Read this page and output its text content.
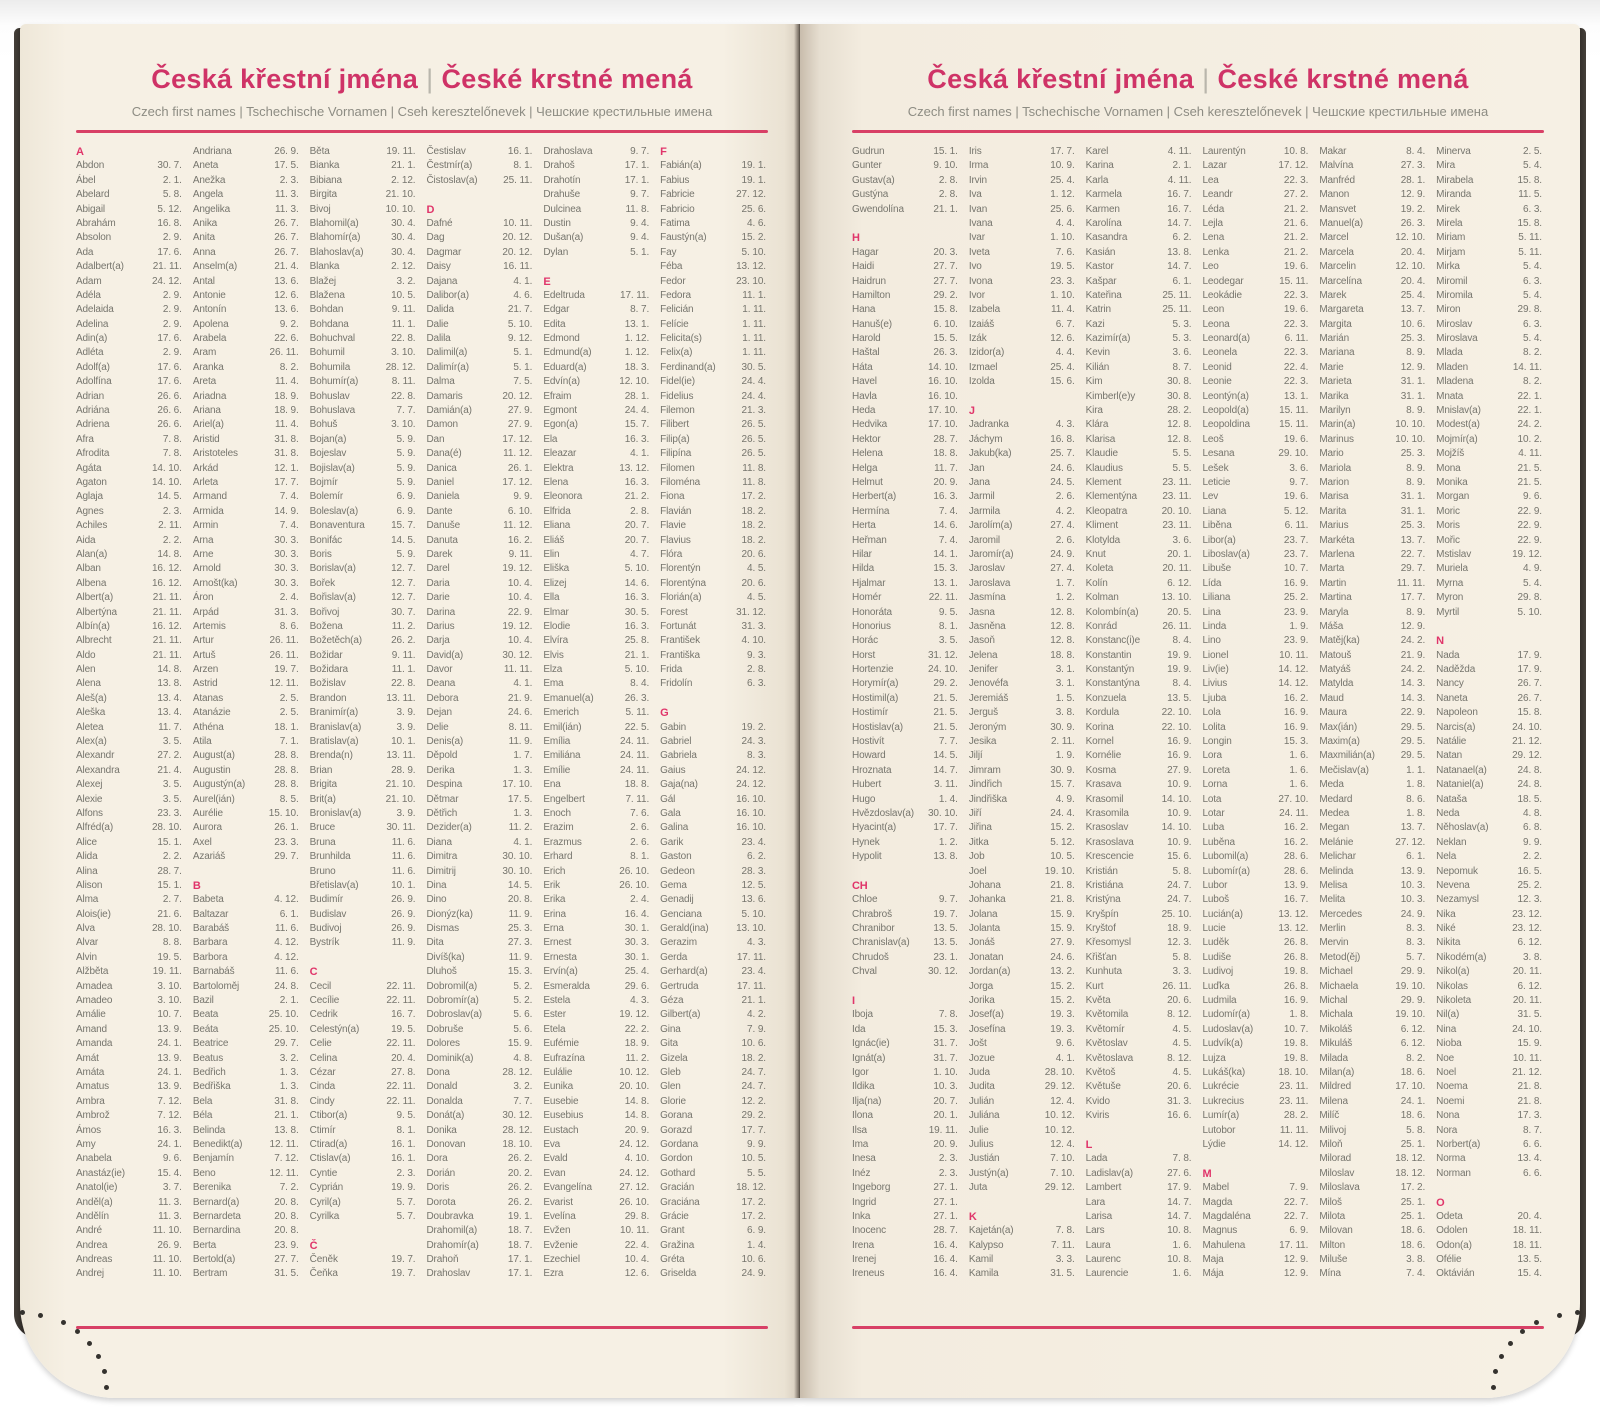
Česká křestní jména | České krstné mená
Czech first names | Tschechische Vornamen | Cseh keresztelőnevek | Чешские крестильные имена
A
Abdon	30. 7.
Ábel	2. 1.
Abelard	5. 8.
Abigail	5. 12.
Abrahám	16. 8.
Absolon	2. 9.
Ada	17. 6.
Adalbert(a)	21. 11.
Adam	24. 12.
Adéla	2. 9.
Adelaida	2. 9.
Adelina	2. 9.
Adin(a)	17. 6.
Adléta	2. 9.
Adolf(a)	17. 6.
Adolfína	17. 6.
Adrian	26. 6.
Adriána	26. 6.
Adriena	26. 6.
Afra	7. 8.
Afrodita	7. 8.
Agáta	14. 10.
Agaton	14. 10.
Aglaja	14. 5.
Agnes	2. 3.
Achiles	2. 11.
Aida	2. 2.
Alan(a)	14. 8.
Alban	16. 12.
Albena	16. 12.
Albert(a)	21. 11.
Albertýna	21. 11.
Albín(a)	16. 12.
Albrecht	21. 11.
Aldo	21. 11.
Alen	14. 8.
Alena	13. 8.
Aleš(a)	13. 4.
Aleška	13. 4.
Aletea	11. 7.
Alex(a)	3. 5.
Alexandr	27. 2.
Alexandra	21. 4.
Alexej	3. 5.
Alexie	3. 5.
Alfons	23. 3.
Alfréd(a)	28. 10.
Alice	15. 1.
Alida	2. 2.
Alina	28. 7.
Alison	15. 1.
Alma	2. 7.
Alois(ie)	21. 6.
Alva	28. 10.
Alvar	8. 8.
Alvin	19. 5.
Alžběta	19. 11.
Amadea	3. 10.
Amadeo	3. 10.
Amálie	10. 7.
Amand	13. 9.
Amanda	24. 1.
Amát	13. 9.
Amáta	24. 1.
Amatus	13. 9.
Ambra	7. 12.
Ambrož	7. 12.
Ámos	16. 3.
Amy	24. 1.
Anabela	9. 6.
Anastáz(ie)	15. 4.
Anatol(ie)	3. 7.
Anděl(a)	11. 3.
Andělín	11. 3.
André	11. 10.
Andrea	26. 9.
Andreas	11. 10.
Andrej	11. 10.
Andriana	26. 9.
Aneta	17. 5.
Anežka	2. 3.
Angela	11. 3.
Angelika	11. 3.
Anika	26. 7.
Anita	26. 7.
Anna	26. 7.
Anselm(a)	21. 4.
Antal	13. 6.
Antonie	12. 6.
Antonín	13. 6.
Apolena	9. 2.
Arabela	22. 6.
Aram	26. 11.
Aranka	8. 2.
Areta	11. 4.
Ariadna	18. 9.
Ariana	18. 9.
Ariel(a)	11. 4.
Aristid	31. 8.
Aristoteles	31. 8.
Arkád	12. 1.
Arleta	17. 7.
Armand	7. 4.
Armida	14. 9.
Armin	7. 4.
Arna	30. 3.
Arne	30. 3.
Arnold	30. 3.
Arnošt(ka)	30. 3.
Áron	2. 4.
Arpád	31. 3.
Artemis	8. 6.
Artur	26. 11.
Artuš	26. 11.
Arzen	19. 7.
Astrid	12. 11.
Atanas	2. 5.
Atanázie	2. 5.
Athéna	18. 1.
Atila	7. 1.
August(a)	28. 8.
Augustin	28. 8.
Augustýn(a)	28. 8.
Aurel(ián)	8. 5.
Aurélie	15. 10.
Aurora	26. 1.
Axel	23. 3.
Azariáš	29. 7.
B
Babeta	4. 12.
Baltazar	6. 1.
Barabáš	11. 6.
Barbara	4. 12.
Barbora	4. 12.
Barnabáš	11. 6.
Bartoloměj	24. 8.
Bazil	2. 1.
Beata	25. 10.
Beáta	25. 10.
Beatrice	29. 7.
Beatus	3. 2.
Bedřich	1. 3.
Bedřiška	1. 3.
Bela	31. 8.
Béla	21. 1.
Belinda	13. 8.
Benedikt(a)	12. 11.
Benjamín	7. 12.
Beno	12. 11.
Berenika	7. 2.
Bernard(a)	20. 8.
Bernardeta	20. 8.
Bernardina	20. 8.
Berta	23. 9.
Bertold(a)	27. 7.
Bertram	31. 5.
Běta	19. 11.
Bianka	21. 1.
Bibiana	2. 12.
Birgita	21. 10.
Bivoj	10. 10.
Blahomil(a)	30. 4.
Blahomír(a)	30. 4.
Blahoslav(a)	30. 4.
Blanka	2. 12.
Blažej	3. 2.
Blažena	10. 5.
Bohdan	9. 11.
Bohdana	11. 1.
Bohuchval	22. 8.
Bohumil	3. 10.
Bohumila	28. 12.
Bohumír(a)	8. 11.
Bohuslav	22. 8.
Bohuslava	7. 7.
Bohuš	3. 10.
Bojan(a)	5. 9.
Bojeslav	5. 9.
Bojislav(a)	5. 9.
Bojmír	5. 9.
Bolemír	6. 9.
Boleslav(a)	6. 9.
Bonaventura	15. 7.
Bonifác	14. 5.
Boris	5. 9.
Borislav(a)	12. 7.
Bořek	12. 7.
Bořislav(a)	12. 7.
Bořivoj	30. 7.
Božena	11. 2.
Božetěch(a)	26. 2.
Božidar	9. 11.
Božidara	11. 1.
Božislav	22. 8.
Brandon	13. 11.
Branimír(a)	3. 9.
Branislav(a)	3. 9.
Bratislav(a)	10. 1.
Brenda(n)	13. 11.
Brian	28. 9.
Brigita	21. 10.
Brit(a)	21. 10.
Bronislav(a)	3. 9.
Bruce	30. 11.
Bruna	11. 6.
Brunhilda	11. 6.
Bruno	11. 6.
Břetislav(a)	10. 1.
Budimír	26. 9.
Budislav	26. 9.
Budivoj	26. 9.
Bystrík	11. 9.
C
Cecil	22. 11.
Cecílie	22. 11.
Cedrik	16. 7.
Celestýn(a)	19. 5.
Celie	22. 11.
Celina	20. 4.
Cézar	27. 8.
Cinda	22. 11.
Cindy	22. 11.
Ctibor(a)	9. 5.
Ctimír	8. 1.
Ctirad(a)	16. 1.
Ctislav(a)	16. 1.
Cyntie	2. 3.
Cyprián	19. 9.
Cyril(a)	5. 7.
Cyrilka	5. 7.
Č
Čeněk	19. 7.
Čeňka	19. 7.
Čestislav	16. 1.
Čestmír(a)	8. 1.
Čistoslav(a)	25. 11.
D
Dafné	10. 11.
Dag	20. 12.
Dagmar	20. 12.
Daisy	16. 11.
Dajana	4. 1.
Dalibor(a)	4. 6.
Dalida	21. 7.
Dalie	5. 10.
Dalila	9. 12.
Dalimil(a)	5. 1.
Dalimír(a)	5. 1.
Dalma	7. 5.
Damaris	20. 12.
Damián(a)	27. 9.
Damon	27. 9.
Dan	17. 12.
Dana(é)	11. 12.
Danica	26. 1.
Daniel	17. 12.
Daniela	9. 9.
Dante	6. 10.
Danuše	11. 12.
Danuta	16. 2.
Darek	9. 11.
Darel	19. 12.
Daria	10. 4.
Darie	10. 4.
Darina	22. 9.
Darius	19. 12.
Darja	10. 4.
David(a)	30. 12.
Davor	11. 11.
Deana	4. 1.
Debora	21. 9.
Dejan	24. 6.
Delie	8. 11.
Denis(a)	11. 9.
Děpold	1. 7.
Derika	1. 3.
Despina	17. 10.
Dětmar	17. 5.
Dětřich	1. 3.
Dezider(a)	11. 2.
Diana	4. 1.
Dimitra	30. 10.
Dimitrij	30. 10.
Dina	14. 5.
Dino	20. 8.
Dionýz(ka)	11. 9.
Dismas	25. 3.
Dita	27. 3.
Divíš(ka)	11. 9.
Dluhoš	15. 3.
Dobromil(a)	5. 2.
Dobromír(a)	5. 2.
Dobroslav(a)	5. 6.
Dobruše	5. 6.
Dolores	15. 9.
Dominik(a)	4. 8.
Dona	28. 12.
Donald	3. 2.
Donalda	7. 7.
Donát(a)	30. 12.
Donika	28. 12.
Donovan	18. 10.
Dora	26. 2.
Dorián	20. 2.
Doris	26. 2.
Dorota	26. 2.
Doubravka	19. 1.
Drahomil(a)	18. 7.
Drahomír(a)	18. 7.
Drahoň	17. 1.
Drahoslav	17. 1.
Drahoslava	9. 7.
Drahoš	17. 1.
Drahotín	17. 1.
Drahuše	9. 7.
Dulcinea	11. 8.
Dustin	9. 4.
Dušan(a)	9. 4.
Dylan	5. 1.
E
Edeltruda	17. 11.
Edgar	8. 7.
Edita	13. 1.
Edmond	1. 12.
Edmund(a)	1. 12.
Eduard(a)	18. 3.
Edvín(a)	12. 10.
Efraim	28. 1.
Egmont	24. 4.
Egon(a)	15. 7.
Ela	16. 3.
Eleazar	4. 1.
Elektra	13. 12.
Elena	16. 3.
Eleonora	21. 2.
Elfrida	2. 8.
Eliana	20. 7.
Eliáš	20. 7.
Elin	4. 7.
Eliška	5. 10.
Elizej	14. 6.
Ella	16. 3.
Elmar	30. 5.
Elodie	16. 3.
Elvíra	25. 8.
Elvis	21. 1.
Elza	5. 10.
Ema	8. 4.
Emanuel(a)	26. 3.
Emerich	5. 11.
Emil(ián)	22. 5.
Emília	24. 11.
Emiliána	24. 11.
Emílie	24. 11.
Ena	18. 8.
Engelbert	7. 11.
Enoch	7. 6.
Erazim	2. 6.
Erazmus	2. 6.
Erhard	8. 1.
Erich	26. 10.
Erik	26. 10.
Erika	2. 4.
Erina	16. 4.
Erna	30. 1.
Ernest	30. 3.
Ernesta	30. 1.
Ervín(a)	25. 4.
Esmeralda	29. 6.
Estela	4. 3.
Ester	19. 12.
Etela	22. 2.
Eufémie	18. 9.
Eufrazína	11. 2.
Eulálie	10. 12.
Eunika	20. 10.
Eusebie	14. 8.
Eusebius	14. 8.
Eustach	20. 9.
Eva	24. 12.
Evald	4. 10.
Evan	24. 12.
Evangelína	27. 12.
Evarist	26. 10.
Evelína	29. 8.
Evžen	10. 11.
Evženie	22. 4.
Ezechiel	10. 4.
Ezra	12. 6.
F
Fabián(a)	19. 1.
Fabius	19. 1.
Fabricie	27. 12.
Fabricio	25. 6.
Fatima	4. 6.
Faustýn(a)	15. 2.
Fay	5. 10.
Féba	13. 12.
Fedor	23. 10.
Fedora	11. 1.
Felicián	1. 11.
Felície	1. 11.
Felicita(s)	1. 11.
Felix(a)	1. 11.
Ferdinand(a)	30. 5.
Fidel(ie)	24. 4.
Fidelius	24. 4.
Filemon	21. 3.
Filibert	26. 5.
Filip(a)	26. 5.
Filipína	26. 5.
Filomen	11. 8.
Filoména	11. 8.
Fiona	17. 2.
Flavián	18. 2.
Flavie	18. 2.
Flavius	18. 2.
Flóra	20. 6.
Florentýn	4. 5.
Florentýna	20. 6.
Florián(a)	4. 5.
Forest	31. 12.
Fortunát	31. 3.
František	4. 10.
Františka	9. 3.
Frida	2. 8.
Fridolín	6. 3.
G
Gabin	19. 2.
Gabriel	24. 3.
Gabriela	8. 3.
Gaius	24. 12.
Gaja(na)	24. 12.
Gál	16. 10.
Gala	16. 10.
Galina	16. 10.
Garik	23. 4.
Gaston	6. 2.
Gedeon	28. 3.
Gema	12. 5.
Genadij	13. 6.
Genciana	5. 10.
Gerald(ina)	13. 10.
Gerazim	4. 3.
Gerda	17. 11.
Gerhard(a)	23. 4.
Gertruda	17. 11.
Géza	21. 1.
Gilbert(a)	4. 2.
Gina	7. 9.
Gita	10. 6.
Gizela	18. 2.
Gleb	24. 7.
Glen	24. 7.
Glorie	12. 2.
Gorana	29. 2.
Gorazd	17. 7.
Gordana	9. 9.
Gordon	10. 5.
Gothard	5. 5.
Gracián	18. 12.
Graciána	17. 2.
Grácie	17. 2.
Grant	6. 9.
Gražina	1. 4.
Gréta	10. 6.
Griselda	24. 9.
Česká křestní jména | České krstné mená
Czech first names | Tschechische Vornamen | Cseh keresztelőnevek | Чешские крестильные имена
Gudrun	15. 1.
Gunter	9. 10.
Gustav(a)	2. 8.
Gustýna	2. 8.
Gwendolína	21. 1.
H
Hagar	20. 3.
Haidi	27. 7.
Haidrun	27. 7.
Hamilton	29. 2.
Hana	15. 8.
Hanuš(e)	6. 10.
Harold	15. 5.
Haštal	26. 3.
Háta	14. 10.
Havel	16. 10.
Havla	16. 10.
Heda	17. 10.
Hedvika	17. 10.
Hektor	28. 7.
Helena	18. 8.
Helga	11. 7.
Helmut	20. 9.
Herbert(a)	16. 3.
Hermína	7. 4.
Herta	14. 6.
Heřman	7. 4.
Hilar	14. 1.
Hilda	15. 3.
Hjalmar	13. 1.
Homér	22. 11.
Honoráta	9. 5.
Honorius	8. 1.
Horác	3. 5.
Horst	31. 12.
Hortenzie	24. 10.
Horymír(a)	29. 2.
Hostimil(a)	21. 5.
Hostimír	21. 5.
Hostislav(a)	21. 5.
Hostivít	7. 7.
Howard	14. 5.
Hroznata	14. 7.
Hubert	3. 11.
Hugo	1. 4.
Hvězdoslav(a) 30. 10.
Hyacint(a)	17. 7.
Hynek	1. 2.
Hypolit	13. 8.
CH
Chloe	9. 7.
Chrabroš	19. 7.
Chranibor	13. 5.
Chranislav(a) 13. 5.
Chrudoš	23. 1.
Chval	30. 12.
I
Iboja	7. 8.
Ida	15. 3.
Ignác(ie)	31. 7.
Ignát(a)	31. 7.
Igor	1. 10.
Ildika	10. 3.
Ilja(na)	20. 7.
Ilona	20. 1.
Ilsa	19. 11.
Ima	20. 9.
Inesa	2. 3.
Inéz	2. 3.
Ingeborg	27. 1.
Ingrid	27. 1.
Inka	27. 1.
Inocenc	28. 7.
Irena	16. 4.
Irenej	16. 4.
Ireneus	16. 4.
Iris	17. 7.
Irma	10. 9.
Irvin	25. 4.
Iva	1. 12.
Ivan	25. 6.
Ivana	4. 4.
Ivar	1. 10.
Iveta	7. 6.
Ivo	19. 5.
Ivona	23. 3.
Ivor	1. 10.
Izabela	11. 4.
Izaiáš	6. 7.
Izák	12. 6.
Izidor(a)	4. 4.
Izmael	25. 4.
Izolda	15. 6.
J
Jadranka	4. 3.
Jáchym	16. 8.
Jakub(ka)	25. 7.
Jan	24. 6.
Jana	24. 5.
Jarmil	2. 6.
Jarmila	4. 2.
Jarolím(a)	27. 4.
Jaromil	2. 6.
Jaromír(a)	24. 9.
Jaroslav	27. 4.
Jaroslava	1. 7.
Jasmína	1. 2.
Jasna	12. 8.
Jasněna	12. 8.
Jasoň	12. 8.
Jelena	18. 8.
Jenifer	3. 1.
Jenovéfa	3. 1.
Jeremiáš	1. 5.
Jerguš	3. 8.
Jeroným	30. 9.
Jesika	2. 11.
Jiljí	1. 9.
Jimram	30. 9.
Jindřich	15. 7.
Jindřiška	4. 9.
Jiří	24. 4.
Jiřina	15. 2.
Jitka	5. 12.
Job	10. 5.
Joel	19. 10.
Johana	21. 8.
Johanka	21. 8.
Jolana	15. 9.
Jolanta	15. 9.
Jonáš	27. 9.
Jonatan	24. 6.
Jordan(a)	13. 2.
Jorga	15. 2.
Jorika	15. 2.
Josef(a)	19. 3.
Josefína	19. 3.
Jošt	9. 6.
Jozue	4. 1.
Juda	28. 10.
Judita	29. 12.
Julián	12. 4.
Juliána	10. 12.
Julie	10. 12.
Julius	12. 4.
Justián	7. 10.
Justýn(a)	7. 10.
Juta	29. 12.
K
Kajetán(a)	7. 8.
Kalypso	7. 11.
Kamil	3. 3.
Kamila	31. 5.
Karel	4. 11.
Karina	2. 1.
Karla	4. 11.
Karmela	16. 7.
Karmen	16. 7.
Karolína	14. 7.
Kasandra	6. 2.
Kasián	13. 8.
Kastor	14. 7.
Kašpar	6. 1.
Kateřina	25. 11.
Katrin	25. 11.
Kazi	5. 3.
Kazimír(a)	5. 3.
Kevin	3. 6.
Kilián	8. 7.
Kim	30. 8.
Kimberl(e)y	30. 8.
Kira	28. 2.
Klára	12. 8.
Klarisa	12. 8.
Klaudie	5. 5.
Klaudius	5. 5.
Klement	23. 11.
Klementýna	23. 11.
Kleopatra	20. 10.
Kliment	23. 11.
Klotylda	3. 6.
Knut	20. 1.
Koleta	20. 11.
Kolín	6. 12.
Kolman	13. 10.
Kolombín(a)	20. 5.
Konrád	26. 11.
Konstanc(i)e	8. 4.
Konstantin	19. 9.
Konstantýn	19. 9.
Konstantýna	8. 4.
Konzuela	13. 5.
Kordula	22. 10.
Korina	22. 10.
Kornel	16. 9.
Kornélie	16. 9.
Kosma	27. 9.
Krasava	10. 9.
Krasomil	14. 10.
Krasomila	10. 9.
Krasoslav	14. 10.
Krasoslava	10. 9.
Krescencie	15. 6.
Kristián	5. 8.
Kristiána	24. 7.
Kristýna	24. 7.
Kryšpín	25. 10.
Kryštof	18. 9.
Křesomysl	12. 3.
Křišťan	5. 8.
Kunhuta	3. 3.
Kurt	26. 11.
Květa	20. 6.
Květomila	8. 12.
Květomír	4. 5.
Květoslav	4. 5.
Květoslava	8. 12.
Květoš	4. 5.
Květuše	20. 6.
Kvido	31. 3.
Kviris	16. 6.
L
Lada	7. 8.
Ladislav(a)	27. 6.
Lambert	17. 9.
Lara	14. 7.
Larisa	14. 7.
Lars	10. 8.
Laura	1. 6.
Laurenc	10. 8.
Laurencie	1. 6.
Laurentýn	10. 8.
Lazar	17. 12.
Lea	22. 3.
Leandr	27. 2.
Léda	21. 2.
Lejla	21. 6.
Lena	21. 2.
Lenka	21. 2.
Leo	19. 6.
Leodegar	15. 11.
Leokádie	22. 3.
Leon	19. 6.
Leona	22. 3.
Leonard(a)	6. 11.
Leonela	22. 3.
Leonid	22. 4.
Leonie	22. 3.
Leontýn(a)	13. 1.
Leopold(a)	15. 11.
Leopoldina	15. 11.
Leoš	19. 6.
Lesana	29. 10.
Lešek	3. 6.
Leticie	9. 7.
Lev	19. 6.
Liana	5. 12.
Liběna	6. 11.
Libor(a)	23. 7.
Liboslav(a)	23. 7.
Libuše	10. 7.
Lída	16. 9.
Liliana	25. 2.
Lina	23. 9.
Linda	1. 9.
Lino	23. 9.
Lionel	10. 11.
Liv(ie)	14. 12.
Livius	14. 12.
Ljuba	16. 2.
Lola	16. 9.
Lolita	16. 9.
Longin	15. 3.
Lora	1. 6.
Loreta	1. 6.
Lorna	1. 6.
Lota	27. 10.
Lotar	24. 11.
Luba	16. 2.
Luběna	16. 2.
Lubomil(a)	28. 6.
Lubomír(a)	28. 6.
Lubor	13. 9.
Luboš	16. 7.
Lucián(a)	13. 12.
Lucie	13. 12.
Luděk	26. 8.
Ludiše	26. 8.
Ludivoj	19. 8.
Luďka	26. 8.
Ludmila	16. 9.
Ludomír(a)	1. 8.
Ludoslav(a)	10. 7.
Ludvík(a)	19. 8.
Lujza	19. 8.
Lukáš(ka)	18. 10.
Lukrécie	23. 11.
Lukrecius	23. 11.
Lumír(a)	28. 2.
Lutobor	11. 11.
Lýdie	14. 12.
M
Mabel	7. 9.
Magda	22. 7.
Magdaléna	22. 7.
Magnus	6. 9.
Mahulena	17. 11.
Maja	12. 9.
Mája	12. 9.
Makar	8. 4.
Malvína	27. 3.
Manfréd	28. 1.
Manon	12. 9.
Mansvet	19. 2.
Manuel(a)	26. 3.
Marcel	12. 10.
Marcela	20. 4.
Marcelin	12. 10.
Marcelína	20. 4.
Marek	25. 4.
Margareta	13. 7.
Margita	10. 6.
Marián	25. 3.
Mariana	8. 9.
Marie	12. 9.
Marieta	31. 1.
Marika	31. 1.
Marilyn	8. 9.
Marin(a)	10. 10.
Marinus	10. 10.
Mario	25. 3.
Mariola	8. 9.
Marion	8. 9.
Marisa	31. 1.
Marita	31. 1.
Marius	25. 3.
Markéta	13. 7.
Marlena	22. 7.
Marta	29. 7.
Martin	11. 11.
Martina	17. 7.
Maryla	8. 9.
Máša	12. 9.
Matěj(ka)	24. 2.
Matouš	21. 9.
Matyáš	24. 2.
Matylda	14. 3.
Maud	14. 3.
Maura	22. 9.
Max(ián)	29. 5.
Maxim(a)	29. 5.
Maxmilián(a)	29. 5.
Mečislav(a)	1. 1.
Meda	1. 8.
Medard	8. 6.
Medea	1. 8.
Megan	13. 7.
Melánie	27. 12.
Melichar	6. 1.
Melinda	13. 9.
Melisa	10. 3.
Melita	10. 3.
Mercedes	24. 9.
Merlin	8. 3.
Mervin	8. 3.
Metod(ěj)	5. 7.
Michael	29. 9.
Michaela	19. 10.
Michal	29. 9.
Michala	19. 10.
Mikoláš	6. 12.
Mikuláš	6. 12.
Milada	8. 2.
Milan(a)	18. 6.
Mildred	17. 10.
Milena	24. 1.
Milíč	18. 6.
Milivoj	5. 8.
Miloň	25. 1.
Milorad	18. 12.
Miloslav	18. 12.
Miloslava	17. 2.
Miloš	25. 1.
Milota	25. 1.
Milovan	18. 6.
Milton	18. 6.
Miluše	3. 8.
Mína	7. 4.
Minerva	2. 5.
Mira	5. 4.
Mirabela	15. 8.
Miranda	11. 5.
Mirek	6. 3.
Mirela	15. 8.
Miriam	5. 11.
Mirjam	5. 11.
Mirka	5. 4.
Miromil	6. 3.
Miromila	5. 4.
Miron	29. 8.
Miroslav	6. 3.
Miroslava	5. 4.
Mlada	8. 2.
Mladen	14. 11.
Mladena	8. 2.
Mnata	22. 1.
Mnislav(a)	22. 1.
Modest(a)	24. 2.
Mojmír(a)	10. 2.
Mojžíš	4. 11.
Mona	21. 5.
Monika	21. 5.
Morgan	9. 6.
Moric	22. 9.
Moris	22. 9.
Mořic	22. 9.
Mstislav	19. 12.
Muriela	4. 9.
Myrna	5. 4.
Myron	29. 8.
Myrtil	5. 10.
N
Nada	17. 9.
Naděžda	17. 9.
Nancy	26. 7.
Naneta	26. 7.
Napoleon	15. 8.
Narcis(a)	24. 10.
Natálie	21. 12.
Natan	29. 12.
Natanael(a)	24. 8.
Nataniel(a)	24. 8.
Nataša	18. 5.
Neda	4. 8.
Něhoslav(a)	6. 8.
Neklan	9. 9.
Nela	2. 2.
Nepomuk	16. 5.
Nevena	25. 2.
Nezamysl	12. 3.
Nika	23. 12.
Niké	23. 12.
Nikita	6. 12.
Nikodém(a)	3. 8.
Nikol(a)	20. 11.
Nikolas	6. 12.
Nikoleta	20. 11.
Nil(a)	31. 5.
Nina	24. 10.
Nioba	15. 9.
Noe	10. 11.
Noel	21. 12.
Noema	21. 8.
Noemi	21. 8.
Nona	17. 3.
Nora	8. 7.
Norbert(a)	6. 6.
Norma	13. 4.
Norman	6. 6.
O
Odeta	20. 4.
Odolen	18. 11.
Odon(a)	18. 11.
Ofélie	13. 5.
Oktávián	15. 4.
